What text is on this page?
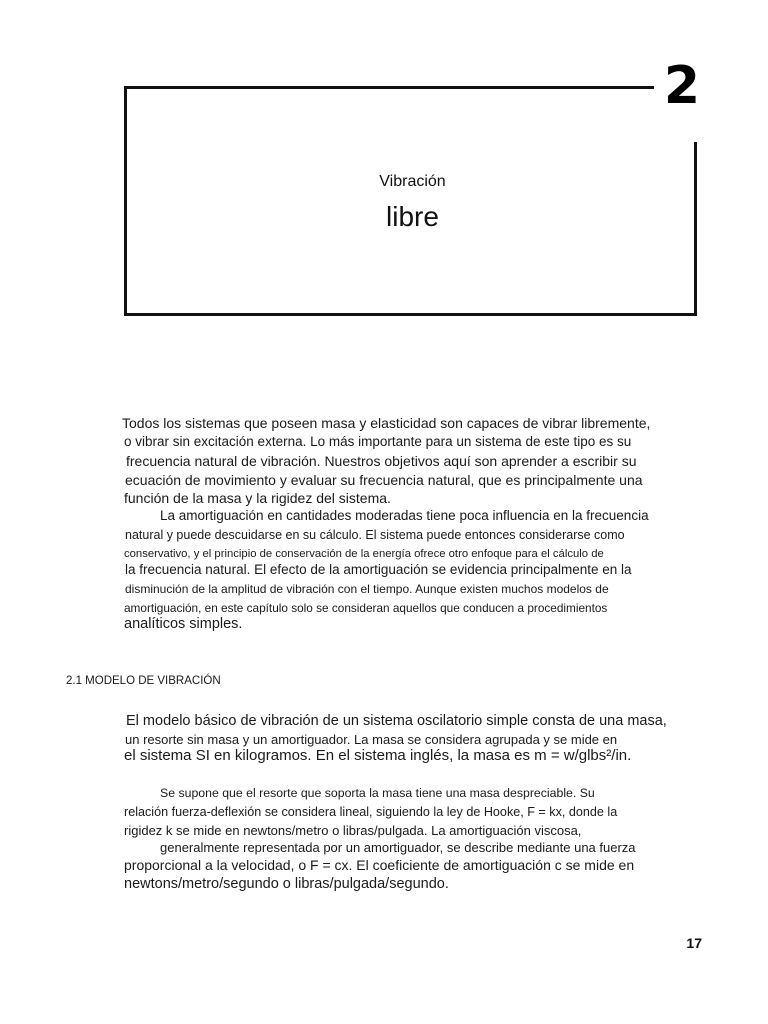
2
Vibración
libre
Todos los sistemas que poseen masa y elasticidad son capaces de vibrar libremente,
o vibrar sin excitación externa. Lo más importante para un sistema de este tipo es su
frecuencia natural de vibración. Nuestros objetivos aquí son aprender a escribir su
ecuación de movimiento y evaluar su frecuencia natural, que es principalmente una
función de la masa y la rigidez del sistema.
La amortiguación en cantidades moderadas tiene poca influencia en la frecuencia
natural y puede descuidarse en su cálculo. El sistema puede entonces considerarse como
conservativo, y el principio de conservación de la energía ofrece otro enfoque para el cálculo de
la frecuencia natural. El efecto de la amortiguación se evidencia principalmente en la
disminución de la amplitud de vibración con el tiempo. Aunque existen muchos modelos de
amortiguación, en este capítulo solo se consideran aquellos que conducen a procedimientos
analíticos simples.
2.1 MODELO DE VIBRACIÓN
El modelo básico de vibración de un sistema oscilatorio simple consta de una masa,
un resorte sin masa y un amortiguador. La masa se considera agrupada y se mide en
el sistema SI en kilogramos. En el sistema inglés, la masa es m = w/glbs²/in.
Se supone que el resorte que soporta la masa tiene una masa despreciable. Su
relación fuerza-deflexión se considera lineal, siguiendo la ley de Hooke, F = kx, donde la
rigidez k se mide en newtons/metro o libras/pulgada. La amortiguación viscosa,
generalmente representada por un amortiguador, se describe mediante una fuerza
proporcional a la velocidad, o F = cx. El coeficiente de amortiguación c se mide en
newtons/metro/segundo o libras/pulgada/segundo.
17
